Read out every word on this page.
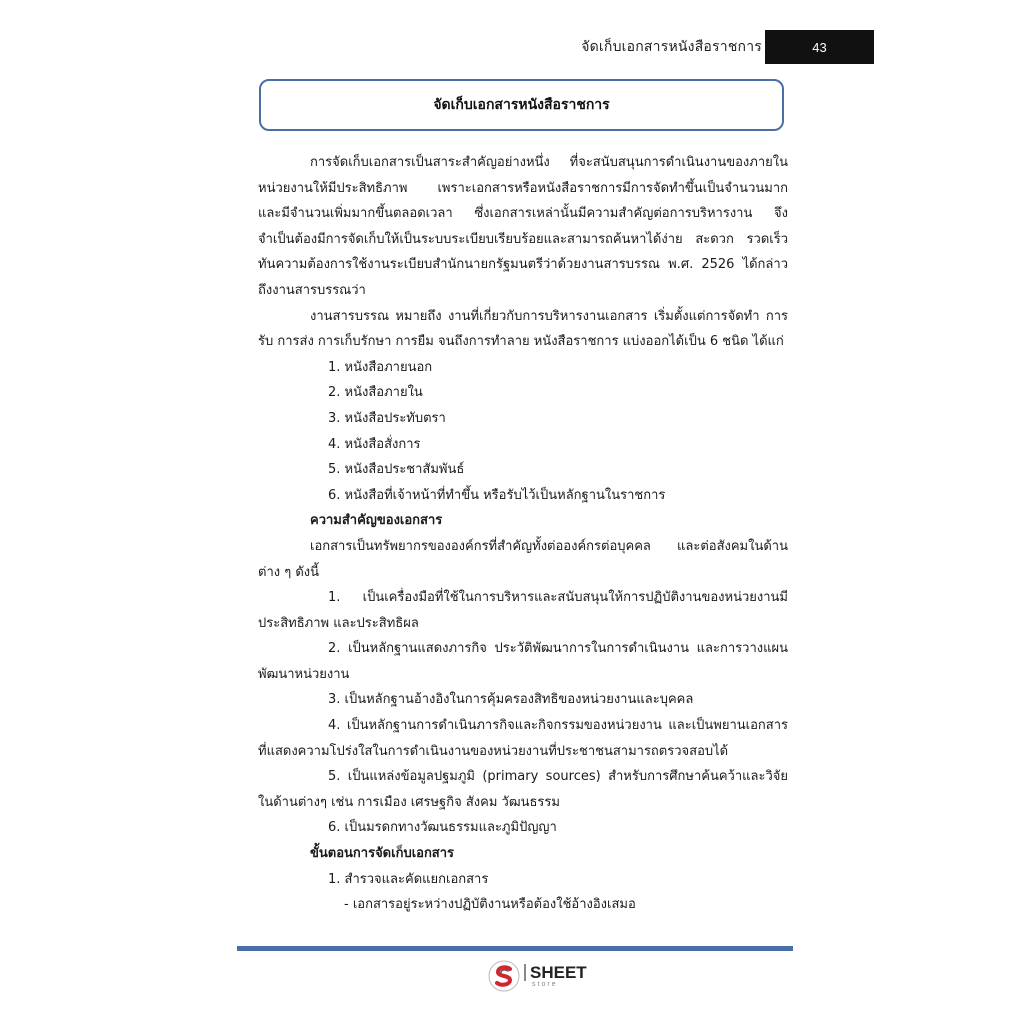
จัดเก็บเอกสารหนังสือราชการ	43
จัดเก็บเอกสารหนังสือราชการ

การจัดเก็บเอกสารเป็นสาระสำคัญอย่างหนึ่ง ที่จะสนับสนุนการดำเนินงานของภายในหน่วยงานให้มีประสิทธิภาพ เพราะเอกสารหรือหนังสือราชการมีการจัดทำขึ้นเป็นจำนวนมาก และมีจำนวนเพิ่มมากขึ้นตลอดเวลา ซึ่งเอกสารเหล่านั้นมีความสำคัญต่อการบริหารงาน จึงจำเป็นต้องมีการจัดเก็บให้เป็นระบบระเบียบเรียบร้อยและสามารถค้นหาได้ง่าย สะดวก รวดเร็ว ทันความต้องการใช้งานระเบียบสำนักนายกรัฐมนตรีว่าด้วยงานสารบรรณ พ.ศ. 2526 ได้กล่าวถึงงานสารบรรณว่า

งานสารบรรณ หมายถึง งานที่เกี่ยวกับการบริหารงานเอกสาร เริ่มตั้งแต่การจัดทำ การรับ การส่ง การเก็บรักษา การยืม จนถึงการทำลาย หนังสือราชการ แบ่งออกได้เป็น 6 ชนิด ได้แก่

1. หนังสือภายนอก

2. หนังสือภายใน

3. หนังสือประทับตรา

4. หนังสือสั่งการ

5. หนังสือประชาสัมพันธ์

6. หนังสือที่เจ้าหน้าที่ทำขึ้น หรือรับไว้เป็นหลักฐานในราชการ

ความสำคัญของเอกสาร

เอกสารเป็นทรัพยากรขององค์กรที่สำคัญทั้งต่อองค์กรต่อบุคคล และต่อสังคมในด้านต่าง ๆ ดังนี้

1. เป็นเครื่องมือที่ใช้ในการบริหารและสนับสนุนให้การปฏิบัติงานของหน่วยงานมีประสิทธิภาพ และประสิทธิผล

2. เป็นหลักฐานแสดงภารกิจ ประวัติพัฒนาการในการดำเนินงาน และการวางแผนพัฒนาหน่วยงาน

3. เป็นหลักฐานอ้างอิงในการคุ้มครองสิทธิของหน่วยงานและบุคคล

4. เป็นหลักฐานการดำเนินภารกิจและกิจกรรมของหน่วยงาน และเป็นพยานเอกสารที่แสดงความโปร่งใสในการดำเนินงานของหน่วยงานที่ประชาชนสามารถตรวจสอบได้

5. เป็นแหล่งข้อมูลปฐมภูมิ (primary sources) สำหรับการศึกษาค้นคว้าและวิจัยในด้านต่างๆ เช่น การเมือง เศรษฐกิจ สังคม วัฒนธรรม

6. เป็นมรดกทางวัฒนธรรมและภูมิปัญญา

ขั้นตอนการจัดเก็บเอกสาร

1. สำรวจและคัดแยกเอกสาร

- เอกสารอยู่ระหว่างปฏิบัติงานหรือต้องใช้อ้างอิงเสมอ

SHEET
store
